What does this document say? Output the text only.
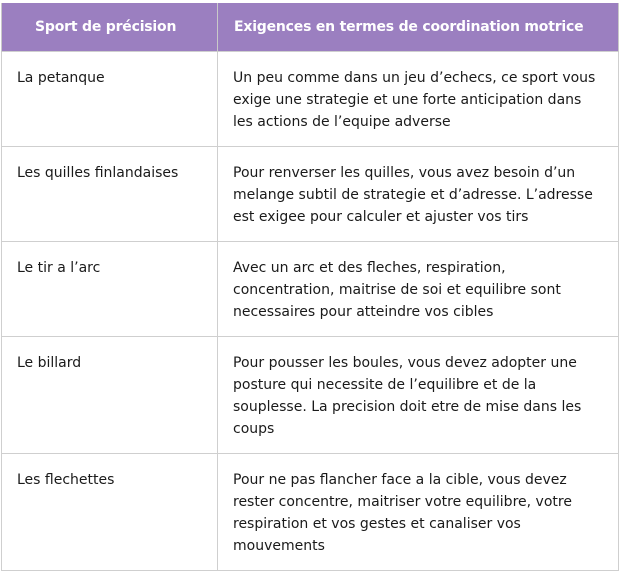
Sport de précision	Exigences en termes de coordination motrice
La petanque	Un peu comme dans un jeu d’echecs, ce sport vous exige une strategie et une forte anticipation dans les actions de l’equipe adverse
Les quilles finlandaises	Pour renverser les quilles, vous avez besoin d’un melange subtil de strategie et d’adresse. L’adresse est exigee pour calculer et ajuster vos tirs
Le tir a l’arc	Avec un arc et des fleches, respiration, concentration, maitrise de soi et equilibre sont necessaires pour atteindre vos cibles
Le billard	Pour pousser les boules, vous devez adopter une posture qui necessite de l’equilibre et de la souplesse. La precision doit etre de mise dans les coups
Les flechettes	Pour ne pas flancher face a la cible, vous devez rester concentre, maitriser votre equilibre, votre respiration et vos gestes et canaliser vos mouvements
